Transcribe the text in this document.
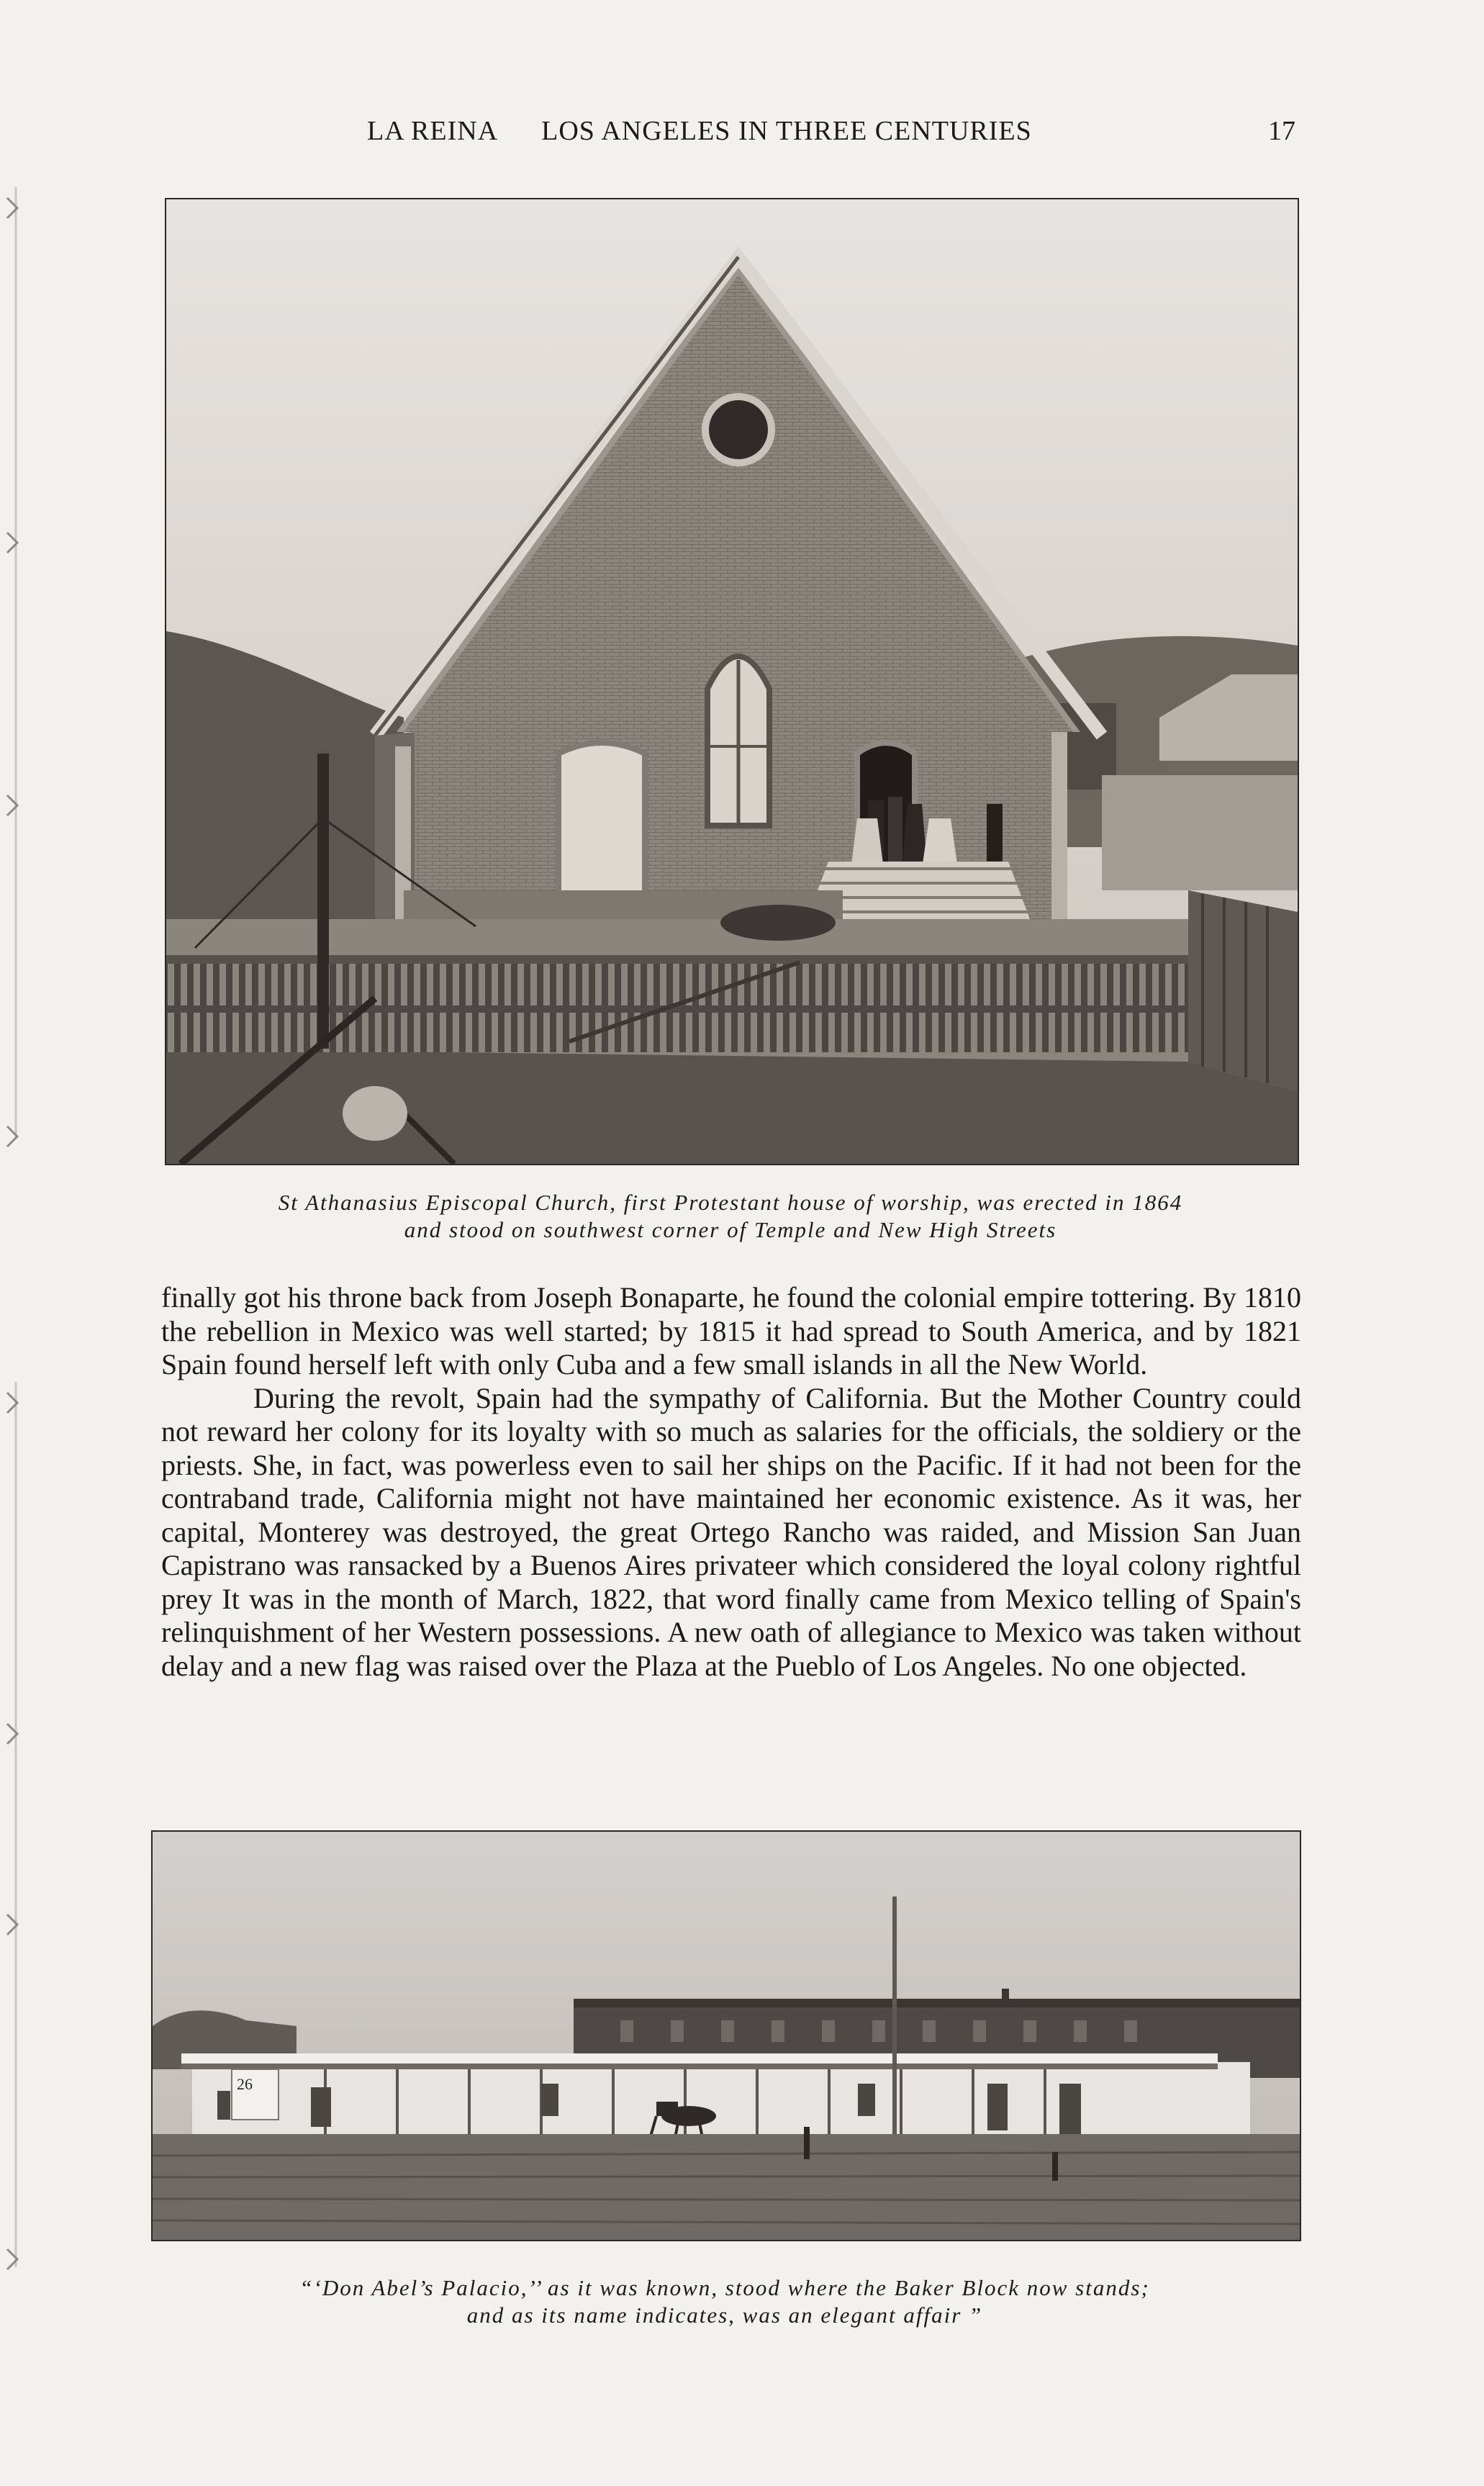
LA REINA LOS ANGELES IN THREE CENTURIES	17
St Athanasius Episcopal Church, first Protestant house of worship, was erected in 1864
and stood on southwest corner of Temple and New High Streets

finally got his throne back from Joseph Bonaparte, he found the colonial empire tottering. By 1810 the rebellion in Mexico was well started; by 1815 it had spread to South America, and by 1821 Spain found herself left with only Cuba and a few small islands in all the New World.

During the revolt, Spain had the sympathy of California. But the Mother Country could not reward her colony for its loyalty with so much as salaries for the officials, the soldiery or the priests. She, in fact, was powerless even to sail her ships on the Pacific. If it had not been for the contraband trade, California might not have maintained her economic existence. As it was, her capital, Monterey was destroyed, the great Ortego Rancho was raided, and Mission San Juan Capistrano was ransacked by a Buenos Aires privateer which considered the loyal colony rightful prey It was in the month of March, 1822, that word finally came from Mexico telling of Spain's relinquishment of her Western possessions. A new oath of allegiance to Mexico was taken without delay and a new flag was raised over the Plaza at the Pueblo of Los Angeles. No one objected.

26
“‘Don Abel’s Palacio,’’ as it was known, stood where the Baker Block now stands;
and as its name indicates, was an elegant affair ”
